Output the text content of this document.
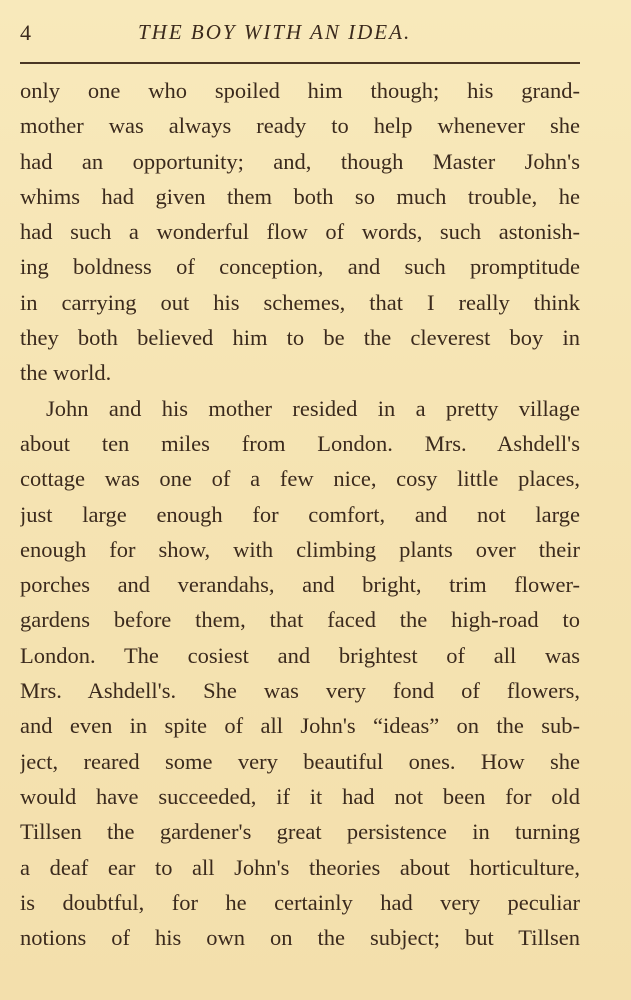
4	THE BOY WITH AN IDEA.
only one who spoiled him though; his grand-
mother was always ready to help whenever she
had an opportunity; and, though Master John's
whims had given them both so much trouble, he
had such a wonderful flow of words, such astonish-
ing boldness of conception, and such promptitude
in carrying out his schemes, that I really think
they both believed him to be the cleverest boy in
the world.
John and his mother resided in a pretty village
about ten miles from London. Mrs. Ashdell's
cottage was one of a few nice, cosy little places,
just large enough for comfort, and not large
enough for show, with climbing plants over their
porches and verandahs, and bright, trim flower-
gardens before them, that faced the high-road to
London. The cosiest and brightest of all was
Mrs. Ashdell's. She was very fond of flowers,
and even in spite of all John's “ideas” on the sub-
ject, reared some very beautiful ones. How she
would have succeeded, if it had not been for old
Tillsen the gardener's great persistence in turning
a deaf ear to all John's theories about horticulture,
is doubtful, for he certainly had very peculiar
notions of his own on the subject; but Tillsen
